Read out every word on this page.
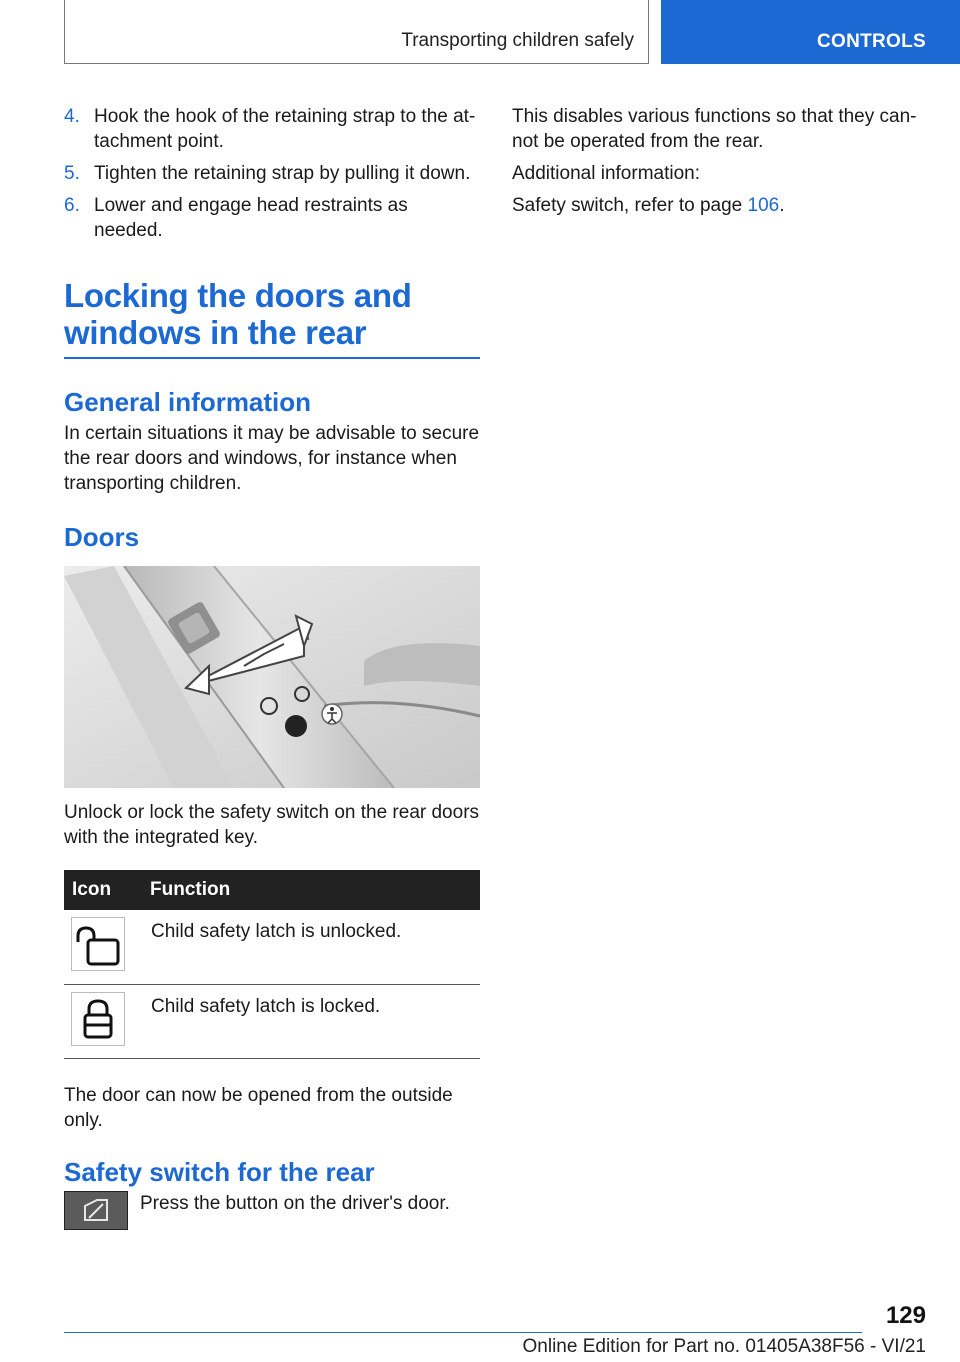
Transporting children safely	CONTROLS
4. Hook the hook of the retaining strap to the at-tachment point.
5. Tighten the retaining strap by pulling it down.
6. Lower and engage head restraints as needed.
Locking the doors and windows in the rear
General information

In certain situations it may be advisable to secure the rear doors and windows, for instance when transporting children.

Doors

Unlock or lock the safety switch on the rear doors with the integrated key.

Icon	Function

	Child safety latch is unlocked.

	Child safety latch is locked.

The door can now be opened from the outside only.

Safety switch for the rear

Press the button on the driver's door.

This disables various functions so that they can-not be operated from the rear.

Additional information:

Safety switch, refer to page 106.

129
Online Edition for Part no. 01405A38F56 - VI/21
